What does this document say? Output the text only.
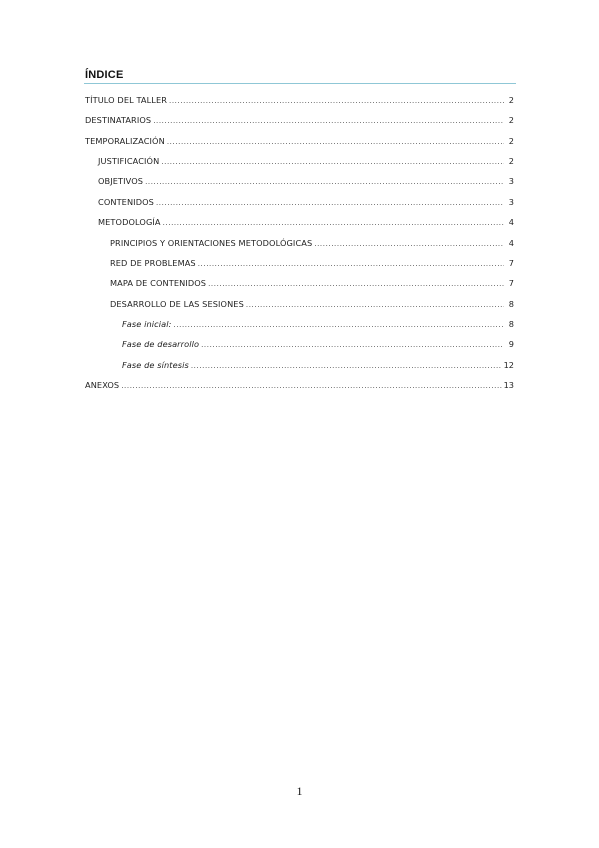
ÍNDICE
TÍTULO DEL TALLER .....	2
DESTINATARIOS .....	2
TEMPORALIZACIÓN .....	2
JUSTIFICACIÓN .....	2
OBJETIVOS .....	3
CONTENIDOS .....	3
METODOLOGÍA .....	4
PRINCIPIOS Y ORIENTACIONES METODOLÓGICAS .....	4
RED DE PROBLEMAS .....	7
MAPA DE CONTENIDOS .....	7
DESARROLLO DE LAS SESIONES .....	8
Fase inicial: .....	8
Fase de desarrollo .....	9
Fase de síntesis .....	12
ANEXOS .....	13
1
